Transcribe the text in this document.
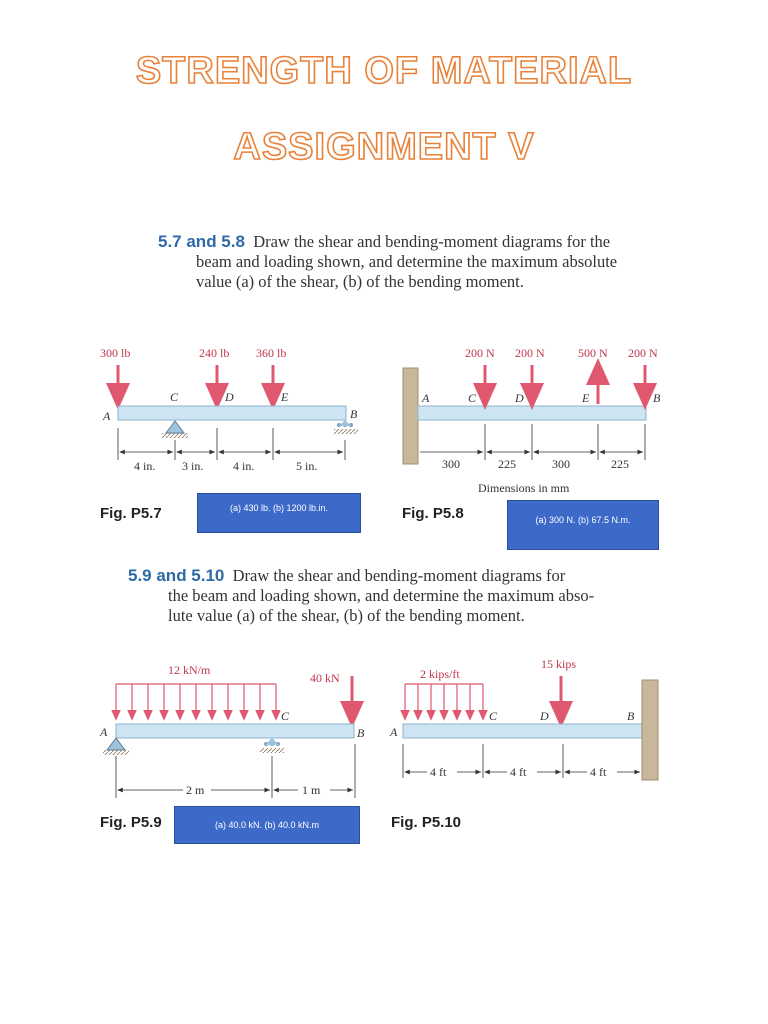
STRENGTH OF MATERIAL
ASSIGNMENT V
5.7 and 5.8 Draw the shear and bending-moment diagrams for the
beam and loading shown, and determine the maximum absolute
value (a) of the shear, (b) of the bending moment.
5.9 and 5.10 Draw the shear and bending-moment diagrams for
the beam and loading shown, and determine the maximum abso-
lute value (a) of the shear, (b) of the bending moment.
Fig. P5.7	Fig. P5.8
Fig. P5.9	Fig. P5.10
(a) 430 lb. (b) 1200 lb.in.
(a) 300 N. (b) 67.5 N.m.
(a) 40.0 kN. (b) 40.0 kN.m
300 lb	240 lb 360 lb
A
C	D	E
B
4 in. 3 in. 4 in.	5 in.
200 N 200 N	500 N 200 N
A	C	D	E	B
300	225	300	225
Dimensions in mm
12 kN/m
40 kN
A
C
B
2 m	1 m
2 kips/ft
15 kips
A
C	D	B
4 ft	4 ft	4 ft
